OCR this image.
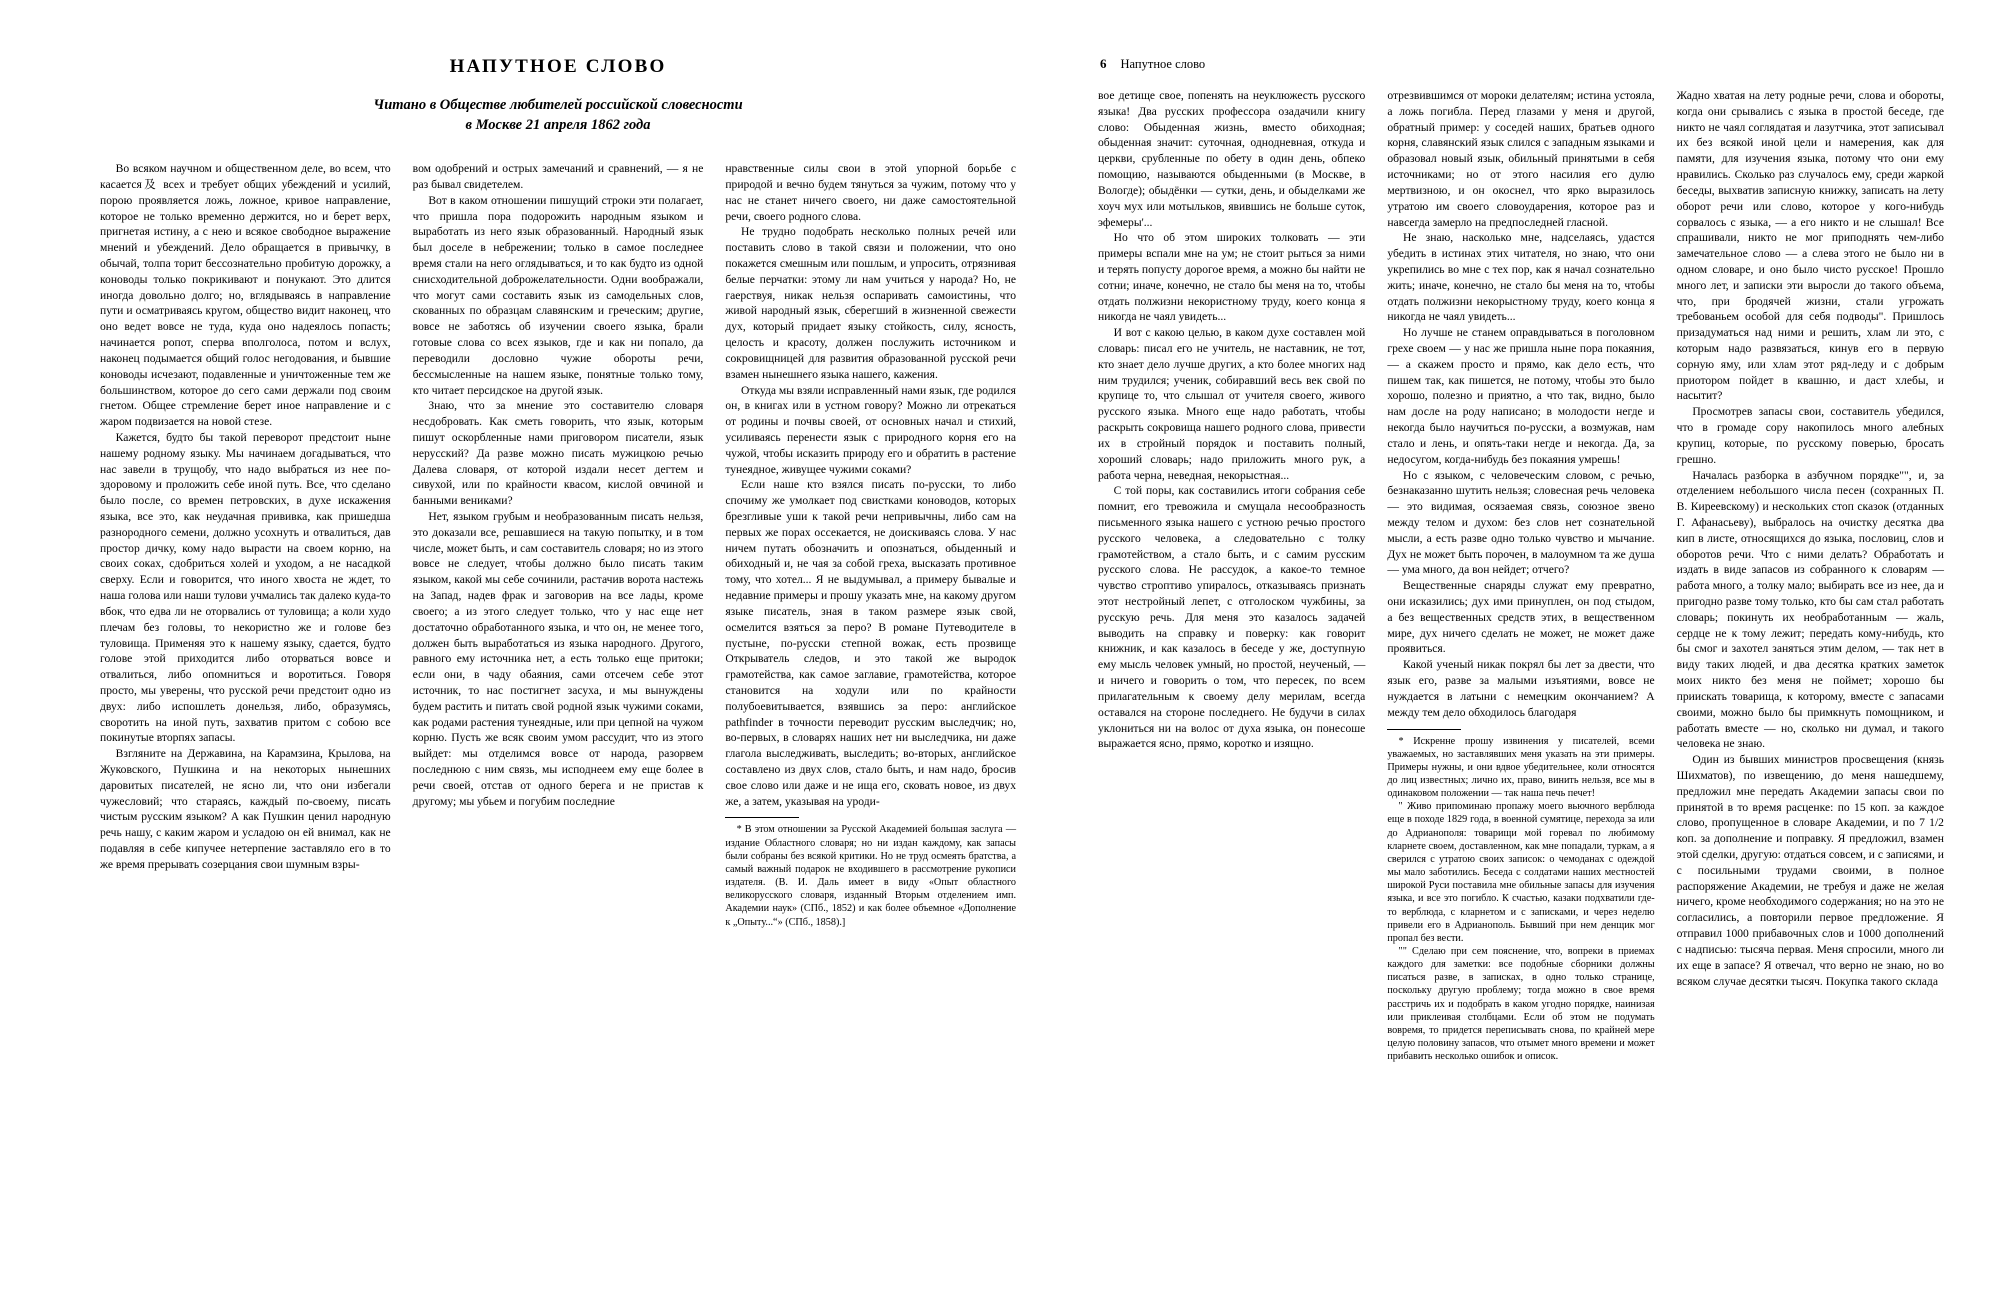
НАПУТНОЕ СЛОВО
Читано в Обществе любителей российской словесности
в Москве 21 апреля 1862 года

Во всяком научном и общественном деле, во всем, что касается及 всех и требует общих убеждений и усилий, порою проявляется ложь, ложное, кривое направление, которое не только временно держится, но и берет верх, пригнетая истину, а с нею и всякое свободное выражение мнений и убеждений. Дело обращается в привычку, в обычай, толпа торит бессознательно пробитую дорожку, а коноводы только покрикивают и понукают. Это длится иногда довольно долго; но, вглядываясь в направление пути и осматриваясь кругом, общество видит наконец, что оно ведет вовсе не туда, куда оно надеялось попасть; начинается ропот, сперва вполголоса, потом и вслух, наконец подымается общий голос негодования, и бывшие коноводы исчезают, подавленные и уничтоженные тем же большинством, которое до сего сами держали под своим гнетом. Общее стремление берет иное направление и с жаром подвизается на новой стезе.

Кажется, будто бы такой переворот предстоит ныне нашему родному языку. Мы начинаем догадываться, что нас завели в трущобу, что надо выбраться из нее по-здоровому и проложить себе иной путь. Все, что сделано было после, со времен петровских, в духе искажения языка, все это, как неудачная прививка, как пришедша разнородного семени, должно усохнуть и отвалиться, дав простор дичку, кому надо вырасти на своем корню, на своих соках, сдобриться холей и уходом, а не насадкой сверху. Если и говорится, что иного хвоста не ждет, то наша голова или наши тулови учмались так далеко куда-то вбок, что едва ли не оторвались от туловища; а коли худо плечам без головы, то некористно же и голове без туловища. Применяя это к нашему языку, сдается, будто голове этой приходится либо оторваться вовсе и отвалиться, либо опомниться и воротиться. Говоря просто, мы уверены, что русской речи предстоит одно из двух: либо испошлеть донельзя, либо, образумясь, своротить на иной путь, захватив притом с собою все покинутые вторпях запасы.

Взгляните на Державина, на Карамзина, Крылова, на Жуковского, Пушкина и на некоторых нынешних даровитых писателей, не ясно ли, что они избегали чужесловий; что стараясь, каждый по-своему, писать чистым русским языком? А как Пушкин ценил народную речь нашу, с каким жаром и усладою он ей внимал, как не подавляя в себе кипучее нетерпение заставляло его в то же время прерывать созерцания свои шумным взры-

вом одобрений и острых замечаний и сравнений, — я не раз бывал свидетелем.

Вот в каком отношении пишущий строки эти полагает, что пришла пора подорожить народным языком и выработать из него язык образованный. Народный язык был доселе в небрежении; только в самое последнее время стали на него оглядываться, и то как будто из одной снисходительной доброжелательности. Одни воображали, что могут сами составить язык из самодельных слов, скованных по образцам славянским и греческим; другие, вовсе не заботясь об изучении своего языка, брали готовые слова со всех языков, где и как ни попало, да переводили дословно чужие обороты речи, бессмысленные на нашем языке, понятные только тому, кто читает персидское на другой язык.

Знаю, что за мнение это составителю словаря несдобровать. Как сметь говорить, что язык, которым пишут оскорбленные нами приговором писатели, язык нерусский? Да разве можно писать мужицкою речью Далева словаря, от которой издали несет дегтем и сивухой, или по крайности квасом, кислой овчиной и банными вениками?

Нет, языком грубым и необразованным писать нельзя, это доказали все, решавшиеся на такую попытку, и в том числе, может быть, и сам составитель словаря; но из этого вовсе не следует, чтобы должно было писать таким языком, какой мы себе сочинили, растачив ворота настежь на Запад, надев фрак и заговорив на все лады, кроме своего; а из этого следует только, что у нас еще нет достаточно обработанного языка, и что он, не менее того, должен быть выработаться из языка народного. Другого, равного ему источника нет, а есть только еще притоки; если они, в чаду обаяния, сами отсечем себе этот источник, то нас постигнет засуха, и мы вынуждены будем растить и питать свой родной язык чужими соками, как родами растения тунеядные, или при цепной на чужом корню. Пусть же всяк своим умом рассудит, что из этого выйдет: мы отделимся вовсе от народа, разорвем последнюю с ним связь, мы исподнеем ему еще более в речи своей, отстав от одного берега и не пристав к другому; мы убьем и погубим последние

нравственные силы свои в этой упорной борьбе с природой и вечно будем тянуться за чужим, потому что у нас не станет ничего своего, ни даже самостоятельной речи, своего родного слова.

Не трудно подобрать несколько полных речей или поставить слово в такой связи и положении, что оно покажется смешным или пошлым, и упросить, отрязнивая белые перчатки: этому ли нам учиться у народа? Но, не гаерствуя, никак нельзя оспаривать самоистины, что живой народный язык, сберегший в жизненной свежести дух, который придает языку стойкость, силу, ясность, целость и красоту, должен послужить источником и сокровищницей для развития образованной русской речи взамен нынешнего языка нашего, кажения.

Откуда мы взяли исправленный нами язык, где родился он, в книгах или в устном говору? Можно ли отрекаться от родины и почвы своей, от основных начал и стихий, усиливаясь перенести язык с природного корня его на чужой, чтобы исказить природу его и обратить в растение тунеядное, живущее чужими соками?

Если наше кто взялся писать по-русски, то либо спочиму же умолкает под свистками коноводов, которых брезгливые уши к такой речи непривычны, либо сам на первых же порах оссекается, не доискиваясь слова. У нас ничем путать обозначить и опознаться, обыденный и обиходный и, не чая за собой греха, высказать противное тому, что хотел... Я не выдумывал, а примеру бывалые и недавние примеры и прошу указать мне, на какому другом языке писатель, зная в таком размере язык свой, осмелится взяться за перо? В романе Путеводителе в пустыне, по-русски степной вожак, есть прозвище Открыватель следов, и это такой же выродок грамотейства, как самое заглавие, грамотейства, которое становится на ходули или по крайности полубоевитывается, взявшись за перо: английское pathfinder в точности переводит русским выследчик; но, во-первых, в словарях наших нет ни выследчика, ни даже глагола выследживать, выследить; во-вторых, английское составлено из двух слов, стало быть, и нам надо, бросив свое слово или даже и не ища его, сковать новое, из двух же, а затем, указывая на уроди-

* В этом отношении за Русской Академией большая заслуга — издание Областного словаря; но ни издан каждому, как запасы были собраны без всякой критики. Но не труд осмеять братства, а самый важный подарок не входившего в рассмотрение рукописи издателя. (В. И. Даль имеет в виду «Опыт областного великорусского словаря, изданный Вторым отделением имп. Академии наук» (СПб., 1852) и как более объемное «Дополнение к „Опыту...“» (СПб., 1858).]

6 Напутное слово

вое детище свое, попенять на неуклюжесть русского языка! Два русских профессора озадачили книгу слово: Обыденная жизнь, вместо обиходная; обыденная значит: суточная, однодневная, откуда и церкви, срубленные по обету в один день, обпеко помощию, называются обыденными (в Москве, в Вологде); обыдёнки — сутки, день, и обыделками же хоуч мух или мотыльков, явившись не больше суток, эфемеры'...

Но что об этом широких толковать — эти примеры вспали мне на ум; не стоит рыться за ними и терять попусту дорогое время, а можно бы найти не сотни; иначе, конечно, не стало бы меня на то, чтобы отдать полжизни некористному труду, коего конца я никогда не чаял увидеть...

И вот с какою целью, в каком духе составлен мой словарь: писал его не учитель, не наставник, не тот, кто знает дело лучше других, а кто более многих над ним трудился; ученик, собиравший весь век свой по крупице то, что слышал от учителя своего, живого русского языка. Много еще надо работать, чтобы раскрыть сокровища нашего родного слова, привести их в стройный порядок и поставить полный, хороший словарь; надо приложить много рук, а работа черна, неведная, некорыстная...

С той поры, как составились итоги собрания себе помнит, его тревожила и смущала несообразность письменного языка нашего с устною речью простого русского человека, а следовательно с толку грамотейством, а стало быть, и с самим русским русского слова. Не рассудок, а какое-то темное чувство строптиво упиралось, отказываясь признать этот нестройный лепет, с отголоском чужбины, за русскую речь. Для меня это казалось задачей выводить на справку и поверку: как говорит книжник, и как казалось в беседе у же, доступную ему мысль человек умный, но простой, неученый, — и ничего и говорить о том, что пересек, по всем прилагательным к своему делу мерилам, всегда оставался на стороне последнего. Не будучи в силах уклониться ни на волос от духа языка, он понесоше выражается ясно, прямо, коротко и изящно.

отрезвившимся от мороки делателям; истина устояла, а ложь погибла. Перед глазами у меня и другой, обратный пример: у соседей наших, братьев одного корня, славянский язык слился с западным языками и образовал новый язык, обильный принятыми в себя источниками; но от этого насилия его дулю мертвизною, и он окоснел, что ярко выразилось утратою им своего словоударения, которое раз и навсегда замерло на предпоследней гласной.

Не знаю, насколько мне, надселаясь, удастся убедить в истинах этих читателя, но знаю, что они укрепились во мне с тех пор, как я начал сознательно жить; иначе, конечно, не стало бы меня на то, чтобы отдать полжизни некорыстному труду, коего конца я никогда не чаял увидеть...

Но лучше не станем оправдываться в поголовном грехе своем — у нас же пришла ныне пора покаяния, — а скажем просто и прямо, как дело есть, что пишем так, как пишется, не потому, чтобы это было хорошо, полезно и приятно, а что так, видно, было нам досле на роду написано; в молодости негде и некогда было научиться по-русски, а возмужав, нам стало и лень, и опять-таки негде и некогда. Да, за недосугом, когда-нибудь без покаяния умрешь!

Но с языком, с человеческим словом, с речью, безнаказанно шутить нельзя; словесная речь человека — это видимая, осязаемая связь, союзное звено между телом и духом: без слов нет сознательной мысли, а есть разве одно только чувство и мычание. Дух не может быть порочен, в малоумном та же душа — ума много, да вон нейдет; отчего?

Вещественные снаряды служат ему превратно, они исказились; дух ими принуплен, он под стыдом, а без вещественных средств этих, в вещественном мире, дух ничего сделать не может, не может даже проявиться.

Какой ученый никак покрял бы лет за двести, что язык его, разве за малыми изъятиями, вовсе не нуждается в латыни с немецким окончанием? А между тем дело обходилось благодаря

* Искренне прошу извинения у писателей, всеми уважаемых, но заставлявших меня указать на эти примеры. Примеры нужны, и они вдвое убедительнее, коли относятся до лиц известных; лично их, право, винить нельзя, все мы в одинаковом положении — так наша печь печет!

" Живо припоминаю пропажу моего вьючного верблюда еще в походе 1829 года, в военной сумятице, перехода за или до Адрианополя: товарищи мой горевал по любимому кларнете своем, доставленном, как мне попадали, туркам, а я сверился с утратою своих записок: о чемоданах с одеждой мы мало заботились. Беседа с солдатами наших местностей широкой Руси поставила мне обильные запасы для изучения языка, и все это погибло. К счастью, казаки подхватили где-то верблюда, с кларнетом и с записками, и через неделю привели его в Адрианополь. Бывший при нем денщик мог пропал без вести.

"" Сделаю при сем пояснение, что, вопреки в приемах каждого для заметки: все подобные сборники должны писаться разве, в записках, в одно только странице, поскольку другую проблему; тогда можно в свое время расстричь их и подобрать в каком угодно порядке, наинизая или приклеивая столбцами. Если об этом не подумать вовремя, то придется переписывать снова, по крайней мере целую половину запасов, что отымет много времени и может прибавить несколько ошибок и описок.

Жадно хватая на лету родные речи, слова и обороты, когда они срывались с языка в простой беседе, где никто не чаял соглядатая и лазутчика, этот записывал их без всякой иной цели и намерения, как для памяти, для изучения языка, потому что они ему нравились. Сколько раз случалось ему, среди жаркой беседы, выхватив записную книжку, записать на лету оборот речи или слово, которое у кого-нибудь сорвалось с языка, — а его никто и не слышал! Все спрашивали, никто не мог приподнять чем-либо замечательное слово — а слева этого не было ни в одном словаре, и оно было чисто русское! Прошло много лет, и записки эти выросли до такого объема, что, при бродячей жизни, стали угрожать требованьем особой для себя подводы". Пришлось призадуматься над ними и решить, хлам ли это, с которым надо развязаться, кинув его в первую сорную яму, или хлам этот ряд-леду и с добрым приотором пойдет в квашню, и даст хлебы, и насытит?

Просмотрев запасы свои, составитель убедился, что в громаде сору накопилось много алебных крупиц, которые, по русскому поверью, бросать грешно.

Началась разборка в азбучном порядке"", и, за отделением небольшого числа песен (сохранных П. В. Киреевскому) и нескольких стоп сказок (отданных Г. Афанасьеву), выбралось на очистку десятка два кип в листе, относящихся до языка, пословиц, слов и оборотов речи. Что с ними делать? Обработать и издать в виде запасов из собранного к словарям — работа много, а толку мало; выбирать все из нее, да и пригодно разве тому только, кто бы сам стал работать словарь; покинуть их необработанным — жаль, сердце не к тому лежит; передать кому-нибудь, кто бы смог и захотел заняться этим делом, — так нет в виду таких людей, и два десятка кратких заметок моих никто без меня не поймет; хорошо бы приискать товарища, к которому, вместе с запасами своими, можно было бы примкнуть помощником, и работать вместе — но, сколько ни думал, и такого человека не знаю.

Один из бывших министров просвещения (князь Шихматов), по извещению, до меня нашедшему, предложил мне передать Академии запасы свои по принятой в то время расценке: по 15 коп. за каждое слово, пропущенное в словаре Академии, и по 7 1/2 коп. за дополнение и поправку. Я предложил, взамен этой сделки, другую: отдаться совсем, и с записями, и с посильными трудами своими, в полное распоряжение Академии, не требуя и даже не желая ничего, кроме необходимого содержания; но на это не согласились, а повторили первое предложение. Я отправил 1000 прибавочных слов и 1000 дополнений с надписью: тысяча первая. Меня спросили, много ли их еще в запасе? Я отвечал, что верно не знаю, но во всяком случае десятки тысяч. Покупка такого склада
